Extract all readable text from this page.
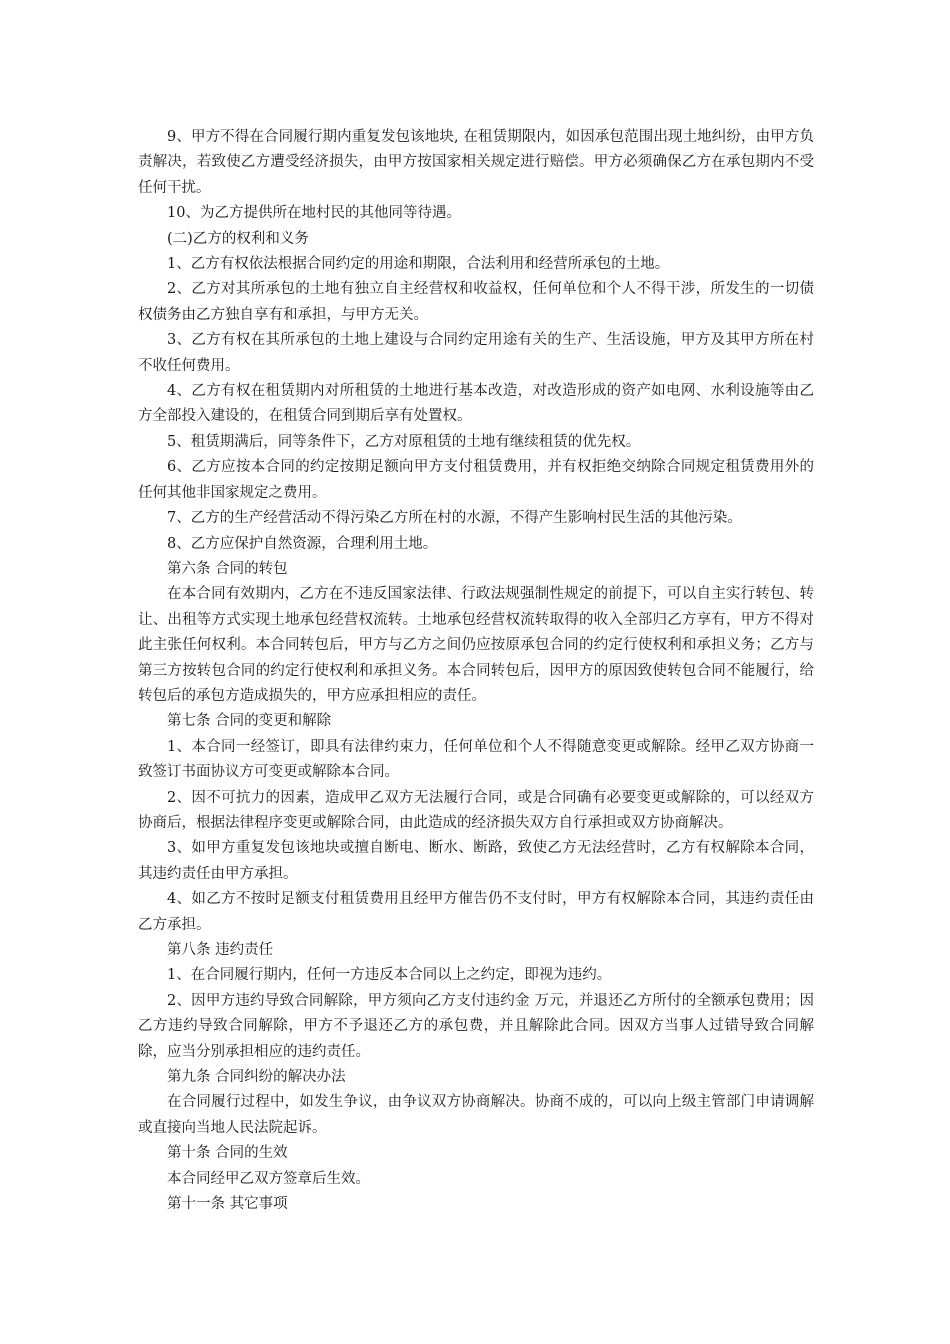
9、甲方不得在合同履行期内重复发包该地块, 在租赁期限内，如因承包范围出现土地纠纷，由甲方负责解决，若致使乙方遭受经济损失，由甲方按国家相关规定进行赔偿。甲方必须确保乙方在承包期内不受任何干扰。

10、为乙方提供所在地村民的其他同等待遇。

(二)乙方的权利和义务

1、乙方有权依法根据合同约定的用途和期限，合法利用和经营所承包的土地。

2、乙方对其所承包的土地有独立自主经营权和收益权，任何单位和个人不得干涉，所发生的一切债权债务由乙方独自享有和承担，与甲方无关。

3、乙方有权在其所承包的土地上建设与合同约定用途有关的生产、生活设施，甲方及其甲方所在村不收任何费用。

4、乙方有权在租赁期内对所租赁的土地进行基本改造，对改造形成的资产如电网、水利设施等由乙方全部投入建设的，在租赁合同到期后享有处置权。

5、租赁期满后，同等条件下，乙方对原租赁的土地有继续租赁的优先权。

6、乙方应按本合同的约定按期足额向甲方支付租赁费用，并有权拒绝交纳除合同规定租赁费用外的任何其他非国家规定之费用。

7、乙方的生产经营活动不得污染乙方所在村的水源，不得产生影响村民生活的其他污染。

8、乙方应保护自然资源，合理利用土地。

第六条 合同的转包

在本合同有效期内，乙方在不违反国家法律、行政法规强制性规定的前提下，可以自主实行转包、转让、出租等方式实现土地承包经营权流转。土地承包经营权流转取得的收入全部归乙方享有，甲方不得对此主张任何权利。本合同转包后，甲方与乙方之间仍应按原承包合同的约定行使权利和承担义务；乙方与第三方按转包合同的约定行使权利和承担义务。本合同转包后，因甲方的原因致使转包合同不能履行，给转包后的承包方造成损失的，甲方应承担相应的责任。

第七条 合同的变更和解除

1、本合同一经签订，即具有法律约束力，任何单位和个人不得随意变更或解除。经甲乙双方协商一致签订书面协议方可变更或解除本合同。

2、因不可抗力的因素，造成甲乙双方无法履行合同，或是合同确有必要变更或解除的，可以经双方协商后，根据法律程序变更或解除合同，由此造成的经济损失双方自行承担或双方协商解决。

3、如甲方重复发包该地块或擅自断电、断水、断路，致使乙方无法经营时，乙方有权解除本合同，其违约责任由甲方承担。

4、如乙方不按时足额支付租赁费用且经甲方催告仍不支付时，甲方有权解除本合同，其违约责任由乙方承担。

第八条 违约责任

1、在合同履行期内，任何一方违反本合同以上之约定，即视为违约。

2、因甲方违约导致合同解除，甲方须向乙方支付违约金 万元，并退还乙方所付的全额承包费用；因乙方违约导致合同解除，甲方不予退还乙方的承包费，并且解除此合同。因双方当事人过错导致合同解除，应当分别承担相应的违约责任。

第九条 合同纠纷的解决办法

在合同履行过程中，如发生争议，由争议双方协商解决。协商不成的，可以向上级主管部门申请调解或直接向当地人民法院起诉。

第十条 合同的生效

本合同经甲乙双方签章后生效。

第十一条 其它事项
